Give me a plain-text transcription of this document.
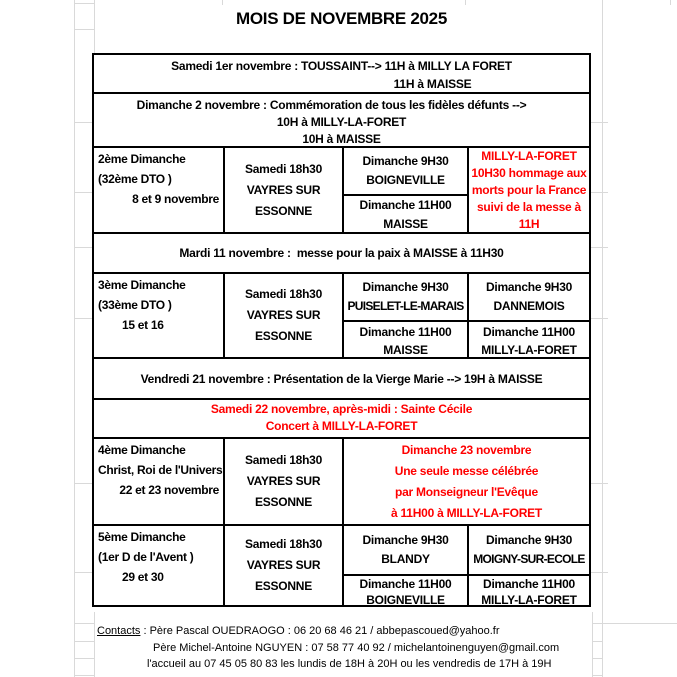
MOIS DE NOVEMBRE 2025
Samedi 1er novembre : TOUSSAINT--> 11H à MILLY LA FORET
11H à MAISSE
Dimanche 2 novembre : Commémoration de tous les fidèles défunts -->
10H à MILLY-LA-FORET
10H à MAISSE
2ème Dimanche
(32ème DTO )
8 et 9 novembre
Samedi 18h30
VAYRES SUR
ESSONNE
Dimanche 9H30
BOIGNEVILLE
Dimanche 11H00
MAISSE
MILLY-LA-FORET
10H30 hommage aux
morts pour la France
suivi de la messe à
11H
Mardi 11 novembre :  messe pour la paix à MAISSE à 11H30
3ème Dimanche
(33ème DTO )
15 et 16
Samedi 18h30
VAYRES SUR
ESSONNE
Dimanche 9H30
PUISELET-LE-MARAIS
Dimanche 11H00
MAISSE
Dimanche 9H30
DANNEMOIS
Dimanche 11H00
MILLY-LA-FORET
Vendredi 21 novembre : Présentation de la Vierge Marie --> 19H à MAISSE
Samedi 22 novembre, après-midi : Sainte Cécile
Concert à MILLY-LA-FORET
4ème Dimanche
Christ, Roi de l'Univers
22 et 23 novembre
Samedi 18h30
VAYRES SUR
ESSONNE
Dimanche 23 novembre
Une seule messe célébrée
par Monseigneur l'Evêque
à 11H00 à MILLY-LA-FORET
5ème Dimanche
(1er D de l'Avent )
29 et 30
Samedi 18h30
VAYRES SUR
ESSONNE
Dimanche 9H30
BLANDY
Dimanche 11H00
BOIGNEVILLE
Dimanche 9H30
MOIGNY-SUR-ECOLE
Dimanche 11H00
MILLY-LA-FORET
Contacts : Père Pascal OUEDRAOGO : 06 20 68 46 21 / abbepascoued@yahoo.fr
Père Michel-Antoine NGUYEN : 07 58 77 40 92 / michelantoinenguyen@gmail.com
l'accueil au 07 45 05 80 83 les lundis de 18H à 20H ou les vendredis de 17H à 19H
